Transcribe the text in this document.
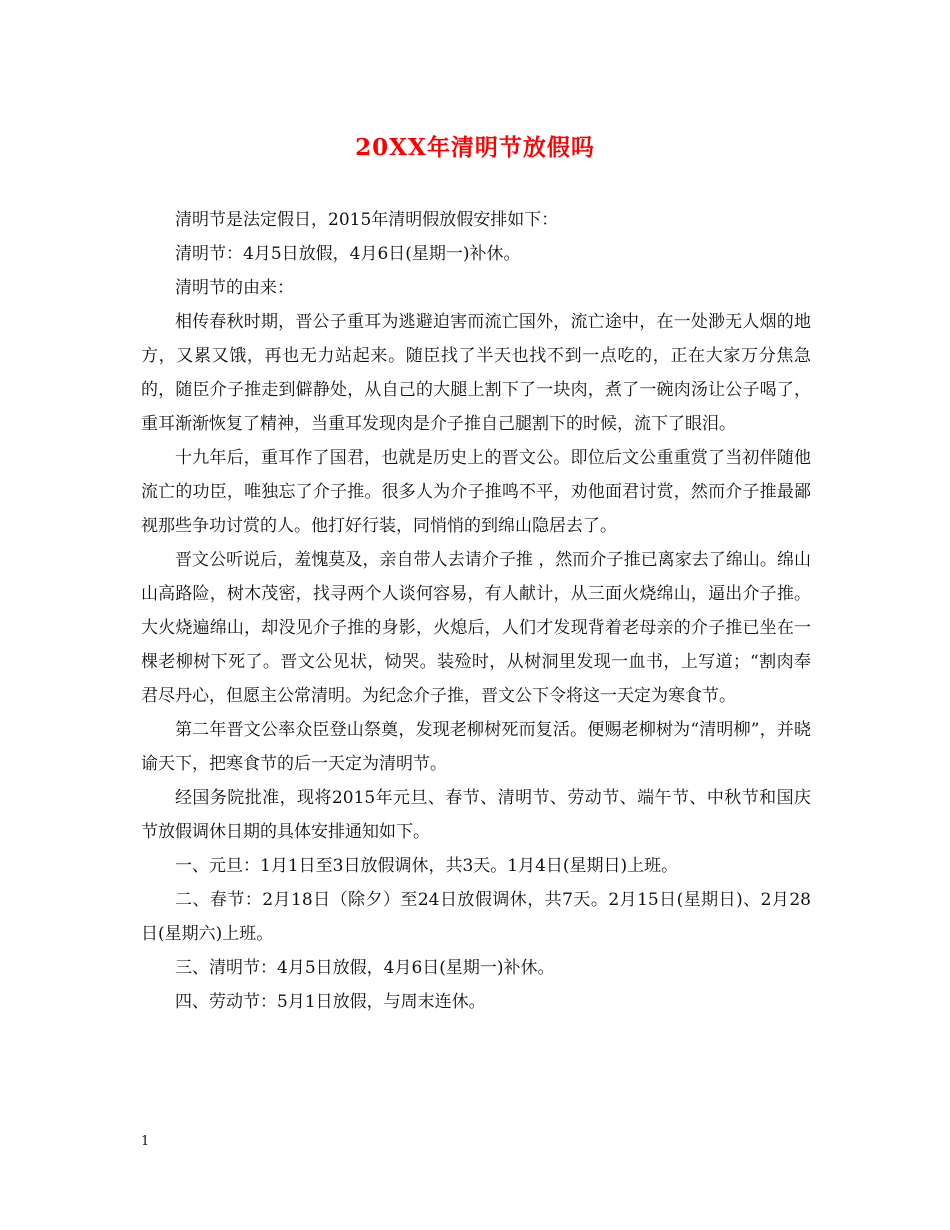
20XX年清明节放假吗

清明节是法定假日，2015年清明假放假安排如下：

清明节：4月5日放假，4月6日(星期一)补休。

清明节的由来：

相传春秋时期，晋公子重耳为逃避迫害而流亡国外，流亡途中，在一处渺无人烟的地方，又累又饿，再也无力站起来。随臣找了半天也找不到一点吃的，正在大家万分焦急的，随臣介子推走到僻静处，从自己的大腿上割下了一块肉，煮了一碗肉汤让公子喝了，重耳渐渐恢复了精神，当重耳发现肉是介子推自己腿割下的时候，流下了眼泪。

十九年后，重耳作了国君，也就是历史上的晋文公。即位后文公重重赏了当初伴随他流亡的功臣，唯独忘了介子推。很多人为介子推鸣不平，劝他面君讨赏，然而介子推最鄙视那些争功讨赏的人。他打好行装，同悄悄的到绵山隐居去了。

晋文公听说后，羞愧莫及，亲自带人去请介子推 ，然而介子推已离家去了绵山。绵山山高路险，树木茂密，找寻两个人谈何容易，有人献计，从三面火烧绵山，逼出介子推。 大火烧遍绵山，却没见介子推的身影，火熄后，人们才发现背着老母亲的介子推已坐在一棵老柳树下死了。晋文公见状，恸哭。装殓时，从树洞里发现一血书，上写道；“割肉奉君尽丹心，但愿主公常清明。为纪念介子推，晋文公下令将这一天定为寒食节。

第二年晋文公率众臣登山祭奠，发现老柳树死而复活。便赐老柳树为“清明柳”，并晓谕天下，把寒食节的后一天定为清明节。

经国务院批准，现将2015年元旦、春节、清明节、劳动节、端午节、中秋节和国庆节放假调休日期的具体安排通知如下。

一、元旦：1月1日至3日放假调休，共3天。1月4日(星期日)上班。

二、春节：2月18日（除夕）至24日放假调休，共7天。2月15日(星期日)、2月28日(星期六)上班。

三、清明节：4月5日放假，4月6日(星期一)补休。

四、劳动节：5月1日放假，与周末连休。

1
